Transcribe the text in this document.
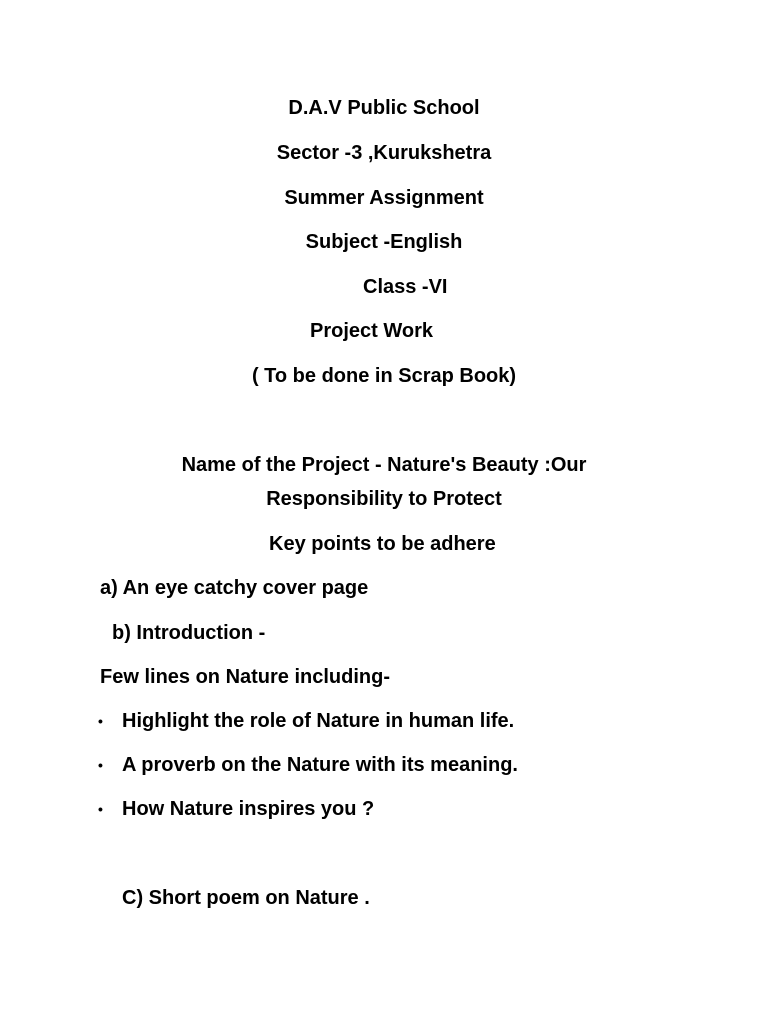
D.A.V Public School
Sector -3 ,Kurukshetra
Summer Assignment
Subject -English
Class -VI
Project Work
( To be done in Scrap Book)
Name of the Project - Nature's Beauty :Our
Responsibility to Protect
Key points to be adhere
a) An eye catchy cover page
b) Introduction -
Few lines on Nature including-
• Highlight the role of Nature in human life.
• A proverb on the Nature with its meaning.
• How Nature inspires you ?
C) Short poem on Nature .
